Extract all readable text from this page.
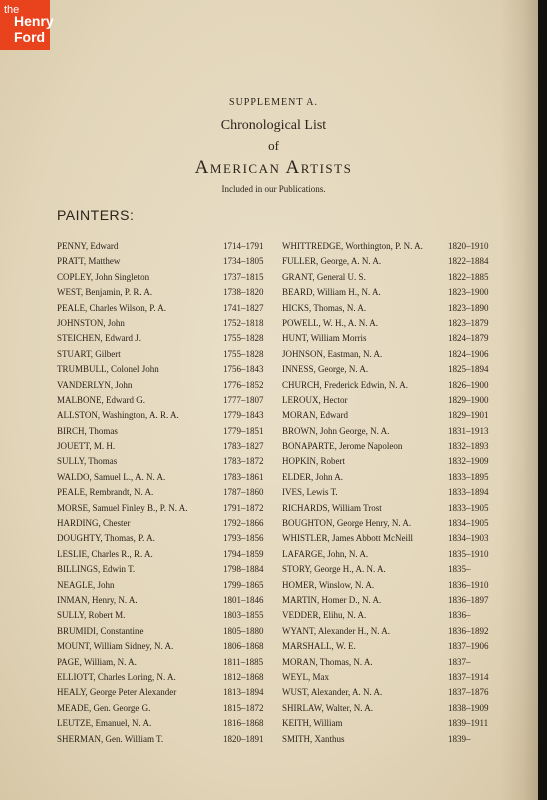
the
Henry
Ford
SUPPLEMENT A.
Chronological List
of
American Artists
Included in our Publications.
PAINTERS:
PENNY, Edward	1714–1791
PRATT, Matthew	1734–1805
COPLEY, John Singleton	1737–1815
WEST, Benjamin, P. R. A.	1738–1820
PEALE, Charles Wilson, P. A.	1741–1827
JOHNSTON, John	1752–1818
STEICHEN, Edward J.	1755–1828
STUART, Gilbert	1755–1828
TRUMBULL, Colonel John	1756–1843
VANDERLYN, John	1776–1852
MALBONE, Edward G.	1777–1807
ALLSTON, Washington, A. R. A.	1779–1843
BIRCH, Thomas	1779–1851
JOUETT, M. H.	1783–1827
SULLY, Thomas	1783–1872
WALDO, Samuel L., A. N. A.	1783–1861
PEALE, Rembrandt, N. A.	1787–1860
MORSE, Samuel Finley B., P. N. A.	1791–1872
HARDING, Chester	1792–1866
DOUGHTY, Thomas, P. A.	1793–1856
LESLIE, Charles R., R. A.	1794–1859
BILLINGS, Edwin T.	1798–1884
NEAGLE, John	1799–1865
INMAN, Henry, N. A.	1801–1846
SULLY, Robert M.	1803–1855
BRUMIDI, Constantine	1805–1880
MOUNT, William Sidney, N. A.	1806–1868
PAGE, William, N. A.	1811–1885
ELLIOTT, Charles Loring, N. A.	1812–1868
HEALY, George Peter Alexander	1813–1894
MEADE, Gen. George G.	1815–1872
LEUTZE, Emanuel, N. A.	1816–1868
SHERMAN, Gen. William T.	1820–1891
WHITTREDGE, Worthington, P. N. A.	1820–1910
FULLER, George, A. N. A.	1822–1884
GRANT, General U. S.	1822–1885
BEARD, William H., N. A.	1823–1900
HICKS, Thomas, N. A.	1823–1890
POWELL, W. H., A. N. A.	1823–1879
HUNT, William Morris	1824–1879
JOHNSON, Eastman, N. A.	1824–1906
INNESS, George, N. A.	1825–1894
CHURCH, Frederick Edwin, N. A.	1826–1900
LEROUX, Hector	1829–1900
MORAN, Edward	1829–1901
BROWN, John George, N. A.	1831–1913
BONAPARTE, Jerome Napoleon	1832–1893
HOPKIN, Robert	1832–1909
ELDER, John A.	1833–1895
IVES, Lewis T.	1833–1894
RICHARDS, William Trost	1833–1905
BOUGHTON, George Henry, N. A.	1834–1905
WHISTLER, James Abbott McNeill	1834–1903
LAFARGE, John, N. A.	1835–1910
STORY, George H., A. N. A.	1835–
HOMER, Winslow, N. A.	1836–1910
MARTIN, Homer D., N. A.	1836–1897
VEDDER, Elihu, N. A.	1836–
WYANT, Alexander H., N. A.	1836–1892
MARSHALL, W. E.	1837–1906
MORAN, Thomas, N. A.	1837–
WEYL, Max	1837–1914
WUST, Alexander, A. N. A.	1837–1876
SHIRLAW, Walter, N. A.	1838–1909
KEITH, William	1839–1911
SMITH, Xanthus	1839–
